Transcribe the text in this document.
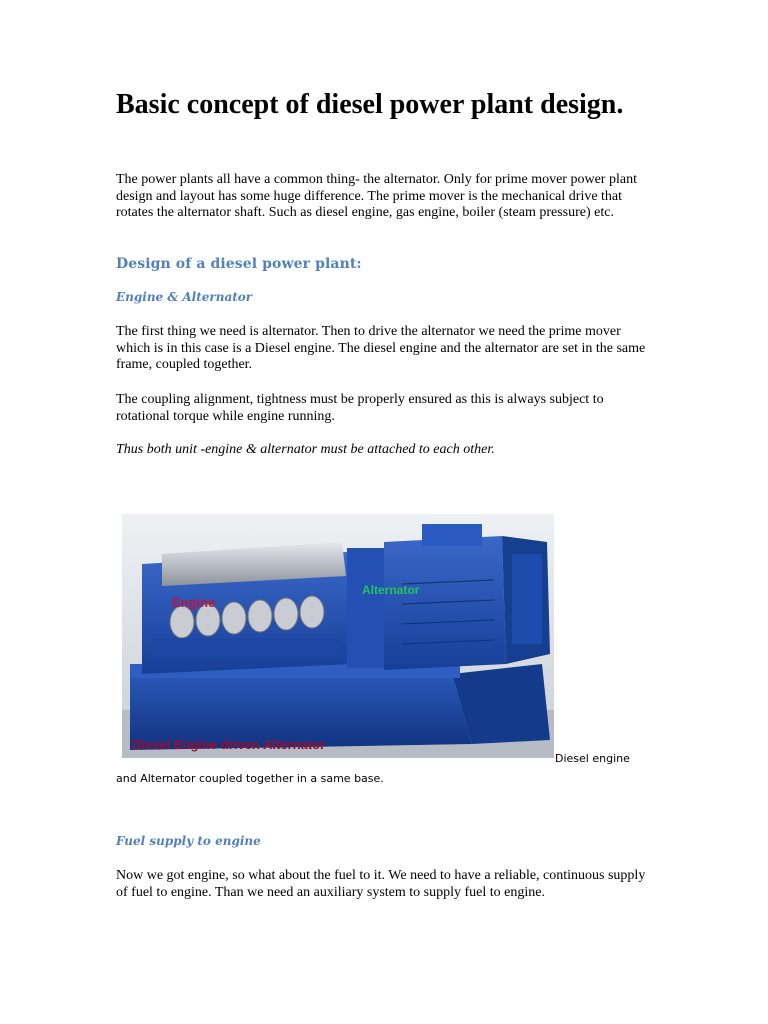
Basic concept of diesel power plant design.

The power plants all have a common thing- the alternator. Only for prime mover power plant design and layout has some huge difference. The prime mover is the mechanical drive that rotates the alternator shaft. Such as diesel engine, gas engine, boiler (steam pressure) etc.

Design of a diesel power plant:
Engine & Alternator

The first thing we need is alternator. Then to drive the alternator we need the prime mover which is in this case is a Diesel engine. The diesel engine and the alternator are set in the same frame, coupled together.

The coupling alignment, tightness must be properly ensured as this is always subject to rotational torque while engine running.

Thus both unit -engine & alternator must be attached to each other.

Engine
Alternator
Diesel Engine driven Alternator
Diesel engine
and Alternator coupled together in a same base.
Fuel supply to engine

Now we got engine, so what about the fuel to it. We need to have a reliable, continuous supply of fuel to engine. Than we need an auxiliary system to supply fuel to engine.
